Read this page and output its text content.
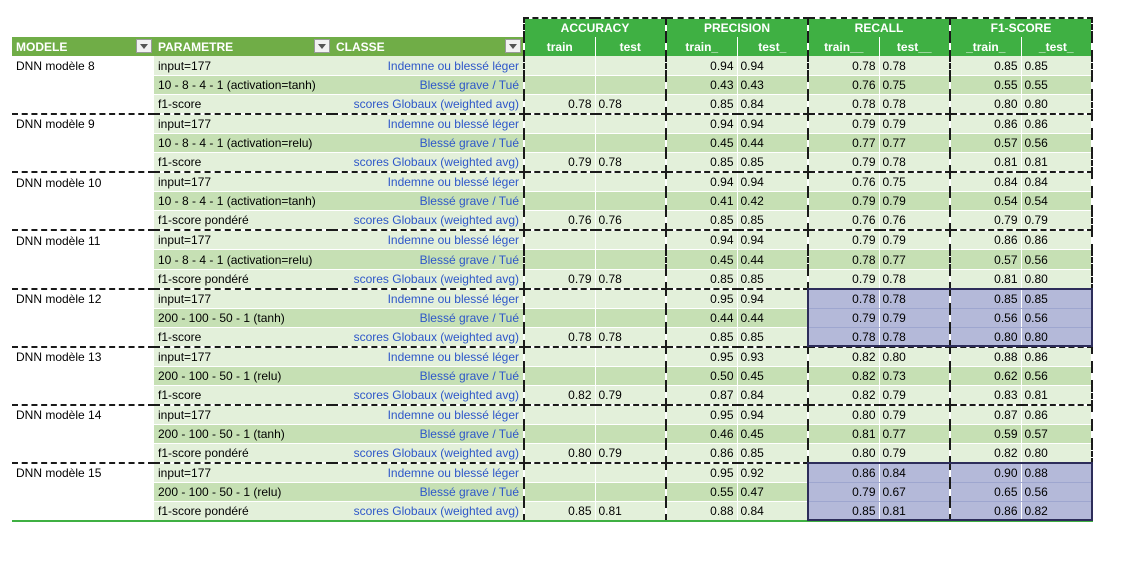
			ACCURACY		PRECISION		RECALL		F1-SCORE	
MODELE	PARAMETRE	CLASSE	train	test	train_	test_	train__	test__	_train_	_test_
DNN modèle 8	input=177	Indemne ou blessé léger			0.94	0.94	0.78	0.78	0.85	0.85
	10 - 8 - 4 - 1 (activation=tanh)	Blessé grave / Tué			0.43	0.43	0.76	0.75	0.55	0.55
	f1-score	scores Globaux (weighted avg)	0.78	0.78	0.85	0.84	0.78	0.78	0.80	0.80
DNN modèle 9	input=177	Indemne ou blessé léger			0.94	0.94	0.79	0.79	0.86	0.86
	10 - 8 - 4 - 1 (activation=relu)	Blessé grave / Tué			0.45	0.44	0.77	0.77	0.57	0.56
	f1-score	scores Globaux (weighted avg)	0.79	0.78	0.85	0.85	0.79	0.78	0.81	0.81
DNN modèle 10	input=177	Indemne ou blessé léger			0.94	0.94	0.76	0.75	0.84	0.84
	10 - 8 - 4 - 1 (activation=tanh)	Blessé grave / Tué			0.41	0.42	0.79	0.79	0.54	0.54
	f1-score pondéré	scores Globaux (weighted avg)	0.76	0.76	0.85	0.85	0.76	0.76	0.79	0.79
DNN modèle 11	input=177	Indemne ou blessé léger			0.94	0.94	0.79	0.79	0.86	0.86
	10 - 8 - 4 - 1 (activation=relu)	Blessé grave / Tué			0.45	0.44	0.78	0.77	0.57	0.56
	f1-score pondéré	scores Globaux (weighted avg)	0.79	0.78	0.85	0.85	0.79	0.78	0.81	0.80
DNN modèle 12	input=177	Indemne ou blessé léger			0.95	0.94	0.78	0.78	0.85	0.85
	200 - 100 - 50 - 1 (tanh)	Blessé grave / Tué			0.44	0.44	0.79	0.79	0.56	0.56
	f1-score	scores Globaux (weighted avg)	0.78	0.78	0.85	0.85	0.78	0.78	0.80	0.80
DNN modèle 13	input=177	Indemne ou blessé léger			0.95	0.93	0.82	0.80	0.88	0.86
	200 - 100 - 50 - 1 (relu)	Blessé grave / Tué			0.50	0.45	0.82	0.73	0.62	0.56
	f1-score	scores Globaux (weighted avg)	0.82	0.79	0.87	0.84	0.82	0.79	0.83	0.81
DNN modèle 14	input=177	Indemne ou blessé léger			0.95	0.94	0.80	0.79	0.87	0.86
	200 - 100 - 50 - 1 (tanh)	Blessé grave / Tué			0.46	0.45	0.81	0.77	0.59	0.57
	f1-score pondéré	scores Globaux (weighted avg)	0.80	0.79	0.86	0.85	0.80	0.79	0.82	0.80
DNN modèle 15	input=177	Indemne ou blessé léger			0.95	0.92	0.86	0.84	0.90	0.88
	200 - 100 - 50 - 1 (relu)	Blessé grave / Tué			0.55	0.47	0.79	0.67	0.65	0.56
	f1-score pondéré	scores Globaux (weighted avg)	0.85	0.81	0.88	0.84	0.85	0.81	0.86	0.82
